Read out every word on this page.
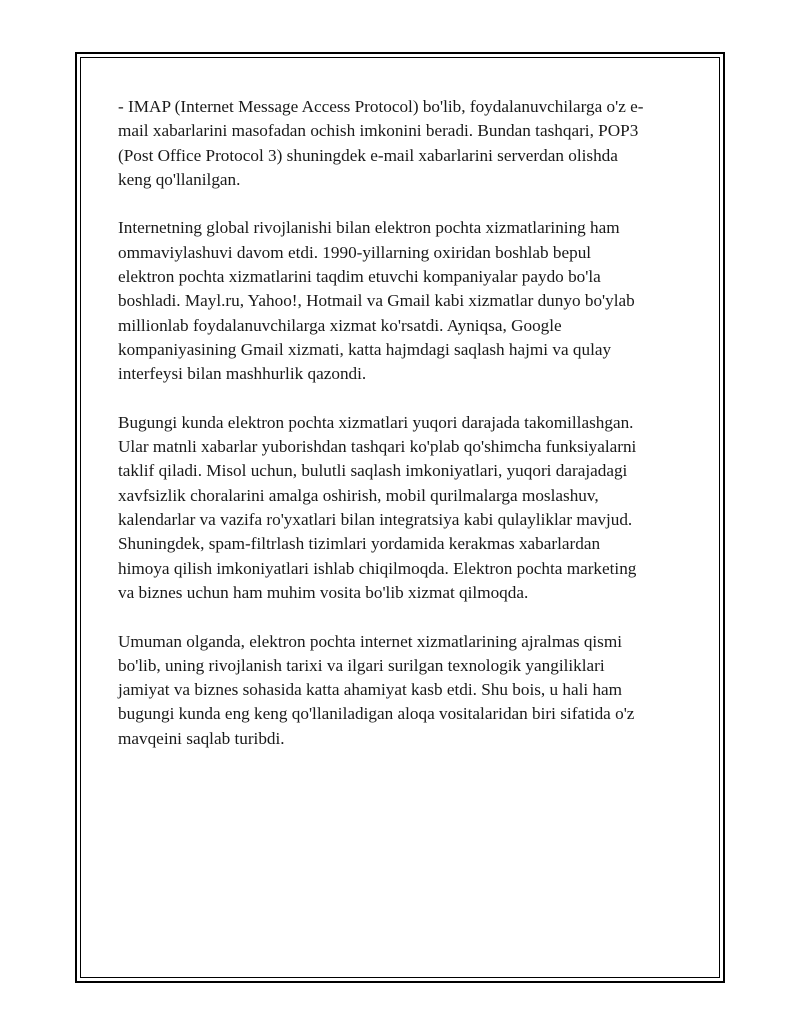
- IMAP (Internet Message Access Protocol) bo'lib, foydalanuvchilarga o'z e-
mail xabarlarini masofadan ochish imkonini beradi. Bundan tashqari, POP3
(Post Office Protocol 3) shuningdek e-mail xabarlarini serverdan olishda
keng qo'llanilgan.

Internetning global rivojlanishi bilan elektron pochta xizmatlarining ham
ommaviylashuvi davom etdi. 1990-yillarning oxiridan boshlab bepul
elektron pochta xizmatlarini taqdim etuvchi kompaniyalar paydo bo'la
boshladi. Mayl.ru, Yahoo!, Hotmail va Gmail kabi xizmatlar dunyo bo'ylab
millionlab foydalanuvchilarga xizmat ko'rsatdi. Ayniqsa, Google
kompaniyasining Gmail xizmati, katta hajmdagi saqlash hajmi va qulay
interfeysi bilan mashhurlik qazondi.

Bugungi kunda elektron pochta xizmatlari yuqori darajada takomillashgan.
Ular matnli xabarlar yuborishdan tashqari ko'plab qo'shimcha funksiyalarni
taklif qiladi. Misol uchun, bulutli saqlash imkoniyatlari, yuqori darajadagi
xavfsizlik choralarini amalga oshirish, mobil qurilmalarga moslashuv,
kalendarlar va vazifa ro'yxatlari bilan integratsiya kabi qulayliklar mavjud.
Shuningdek, spam-filtrlash tizimlari yordamida kerakmas xabarlardan
himoya qilish imkoniyatlari ishlab chiqilmoqda. Elektron pochta marketing
va biznes uchun ham muhim vosita bo'lib xizmat qilmoqda.

Umuman olganda, elektron pochta internet xizmatlarining ajralmas qismi
bo'lib, uning rivojlanish tarixi va ilgari surilgan texnologik yangiliklari
jamiyat va biznes sohasida katta ahamiyat kasb etdi. Shu bois, u hali ham
bugungi kunda eng keng qo'llaniladigan aloqa vositalaridan biri sifatida o'z
mavqeini saqlab turibdi.
